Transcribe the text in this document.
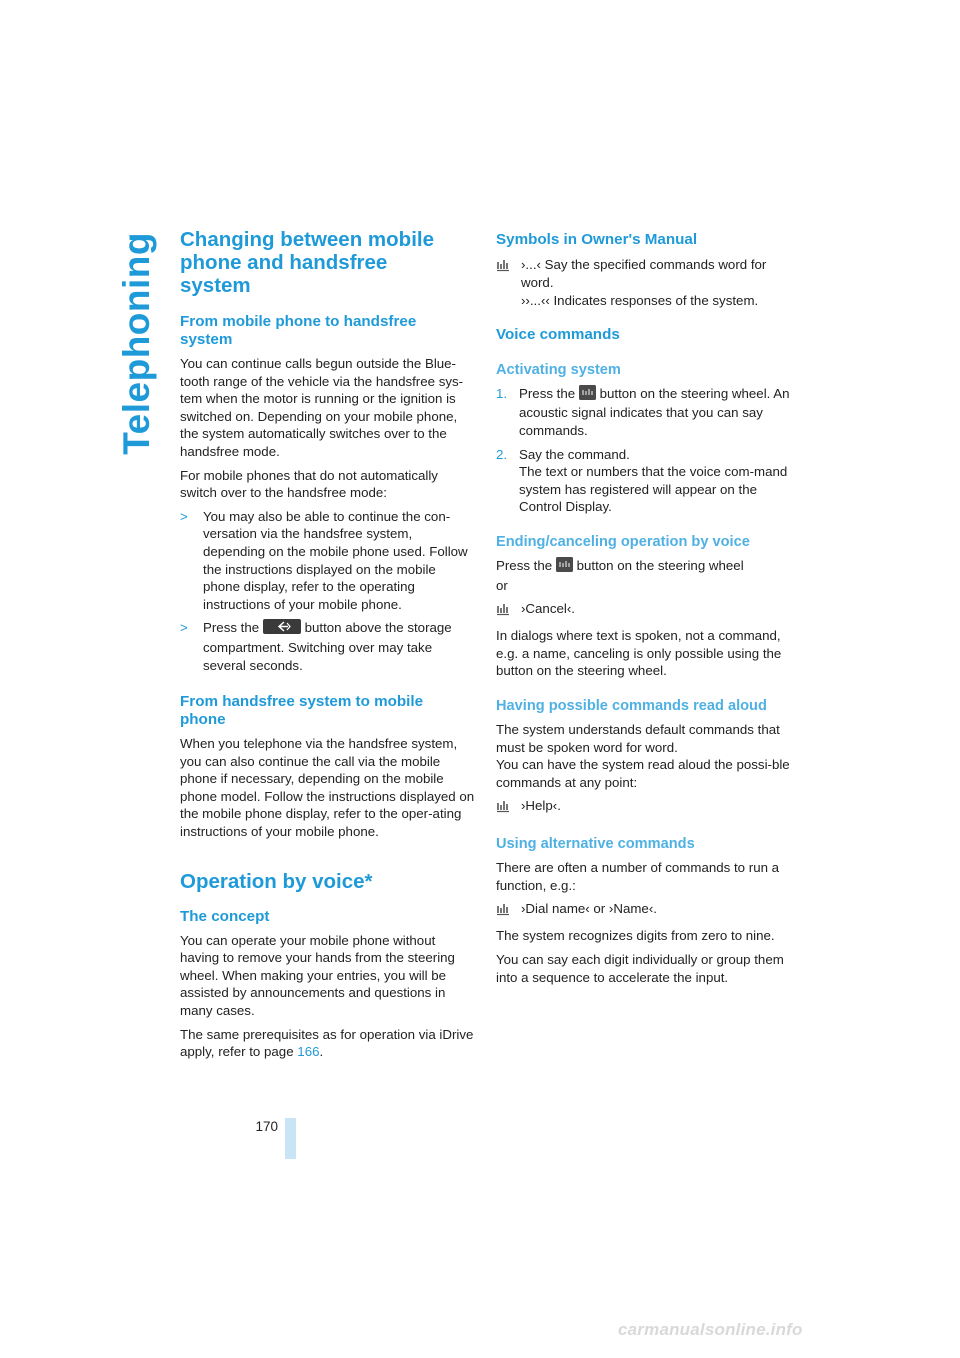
Telephoning Changing between mobile phone and handsfree system
From mobile phone to handsfree system

You can continue calls begun outside the Blue-tooth range of the vehicle via the handsfree sys-tem when the motor is running or the ignition is switched on. Depending on your mobile phone, the system automatically switches over to the handsfree mode.

For mobile phones that do not automatically switch over to the handsfree mode:

>	You may also be able to continue the con-versation via the handsfree system, depending on the mobile phone used. Follow the instructions displayed on the mobile phone display, refer to the operating instructions of your mobile phone.
>	Press the	button above the storage compartment. Switching over may take several seconds.
From handsfree system to mobile phone

When you telephone via the handsfree system, you can also continue the call via the mobile phone if necessary, depending on the mobile phone model. Follow the instructions displayed on the mobile phone display, refer to the oper-ating instructions of your mobile phone.

Operation by voice*
The concept

You can operate your mobile phone without having to remove your hands from the steering wheel. When making your entries, you will be assisted by announcements and questions in many cases.

The same prerequisites as for operation via iDrive apply, refer to page 166.

Symbols in Owner's Manual
›...‹ Say the specified commands word for word.
››...‹‹ Indicates responses of the system.
Voice commands
Activating system
1. Press the button on the steering wheel. An acoustic signal indicates that you can say commands.
2. Say the command.
The text or numbers that the voice com-mand system has registered will appear on the Control Display.
Ending/canceling operation by voice

Press the button on the steering wheel
or

›Cancel‹.

In dialogs where text is spoken, not a command, e.g. a name, canceling is only possible using the button on the steering wheel.

Having possible commands read aloud

The system understands default commands that must be spoken word for word.
You can have the system read aloud the possi-ble commands at any point:

›Help‹.
Using alternative commands

There are often a number of commands to run a function, e.g.:

›Dial name‹ or ›Name‹.

The system recognizes digits from zero to nine.

You can say each digit individually or group them into a sequence to accelerate the input.

170
carmanualsonline.info
